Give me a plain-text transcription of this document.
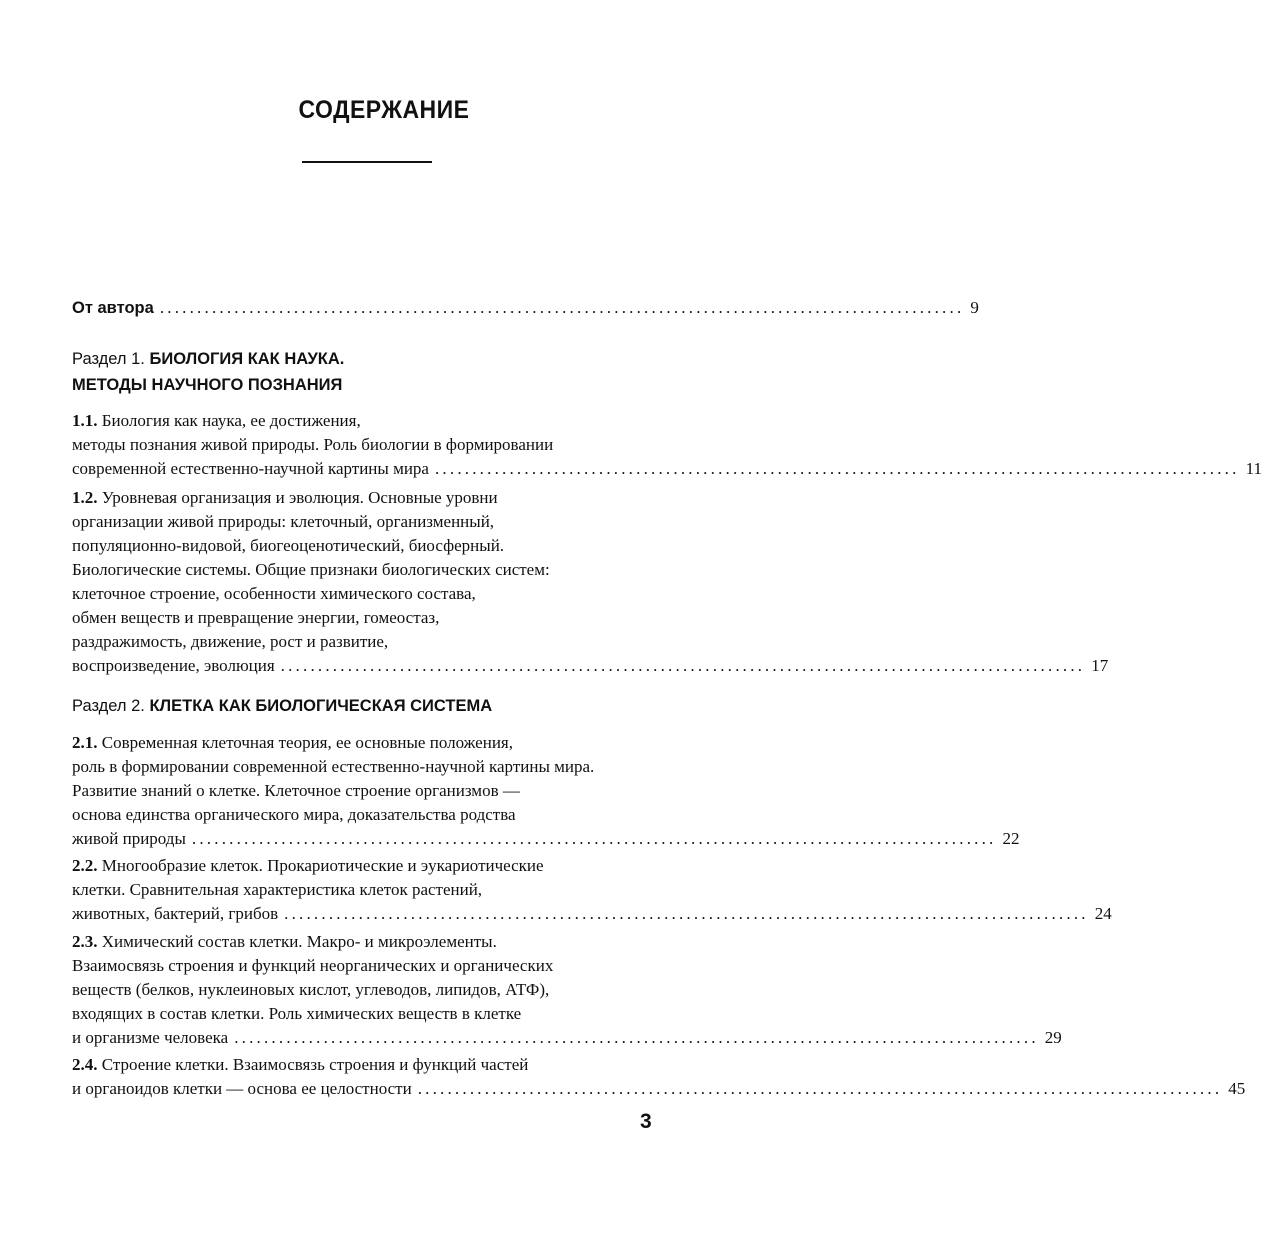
СОДЕРЖАНИЕ
От автора ............................................................................................................ 9
Раздел 1. БИОЛОГИЯ КАК НАУКА.
МЕТОДЫ НАУЧНОГО ПОЗНАНИЯ
1.1. Биология как наука, ее достижения,
методы познания живой природы. Роль биологии в формировании
современной естественно-научной картины мира ............................................................................................................ 11
1.2. Уровневая организация и эволюция. Основные уровни
организации живой природы: клеточный, организменный,
популяционно-видовой, биогеоценотический, биосферный.
Биологические системы. Общие признаки биологических систем:
клеточное строение, особенности химического состава,
обмен веществ и превращение энергии, гомеостаз,
раздражимость, движение, рост и развитие,
воспроизведение, эволюция ............................................................................................................ 17
Раздел 2. КЛЕТКА КАК БИОЛОГИЧЕСКАЯ СИСТЕМА
2.1. Современная клеточная теория, ее основные положения,
роль в формировании современной естественно-научной картины мира.
Развитие знаний о клетке. Клеточное строение организмов —
основа единства органического мира, доказательства родства
живой природы ............................................................................................................ 22
2.2. Многообразие клеток. Прокариотические и эукариотические
клетки. Сравнительная характеристика клеток растений,
животных, бактерий, грибов ............................................................................................................ 24
2.3. Химический состав клетки. Макро- и микроэлементы.
Взаимосвязь строения и функций неорганических и органических
веществ (белков, нуклеиновых кислот, углеводов, липидов, АТФ),
входящих в состав клетки. Роль химических веществ в клетке
и организме человека ............................................................................................................ 29
2.4. Строение клетки. Взаимосвязь строения и функций частей
и органоидов клетки — основа ее целостности ............................................................................................................ 45
3
